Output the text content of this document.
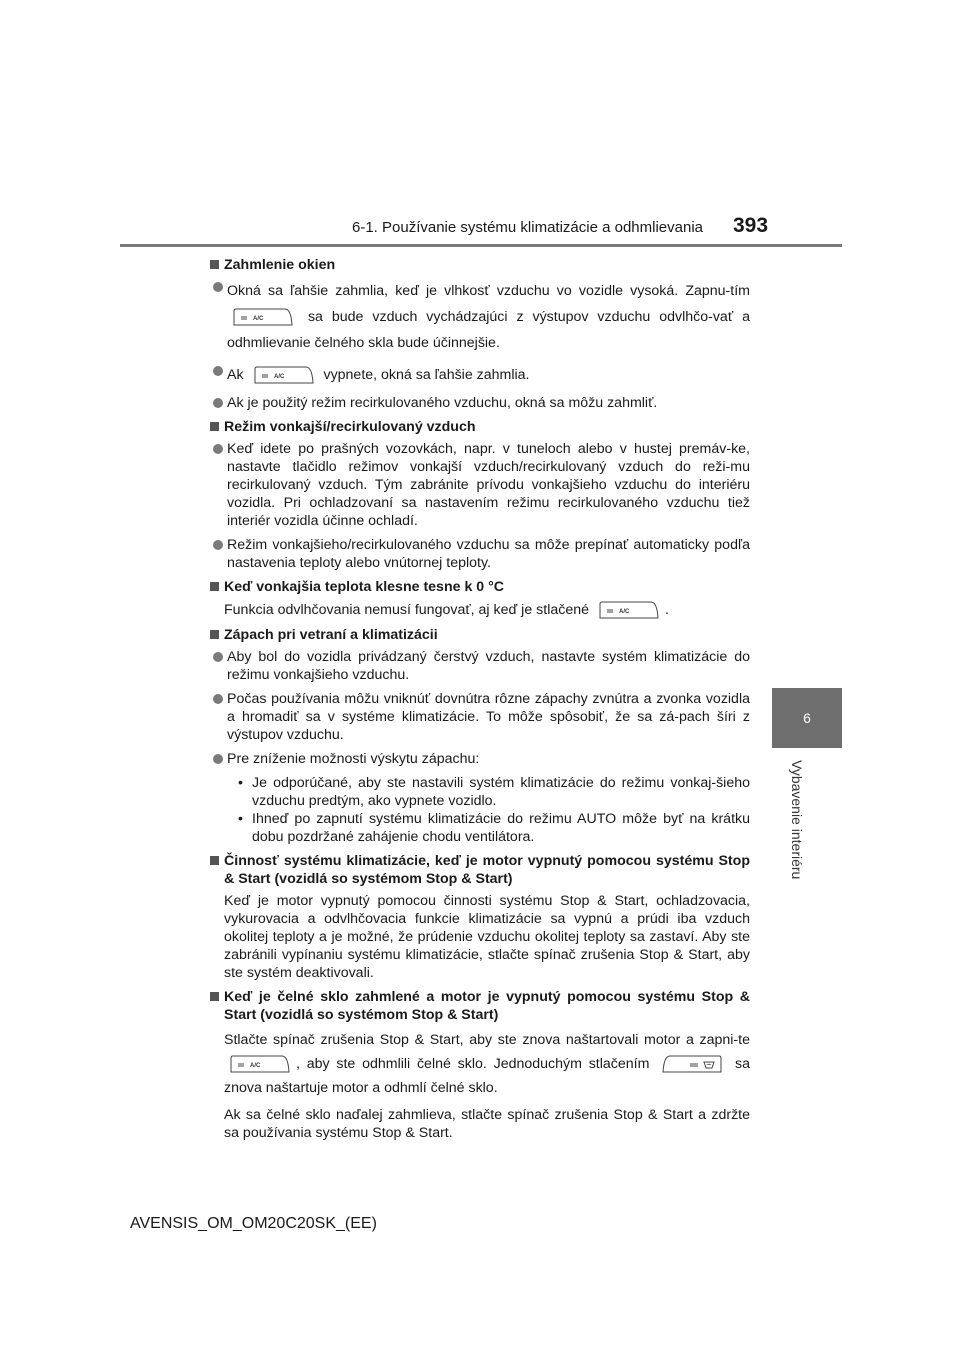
6-1. Používanie systému klimatizácie a odhmlievania	393
6
Vybavenie interiéru
Zahmlenie okien
Okná sa ľahšie zahmlia, keď je vlhkosť vzduchu vo vozidle vysoká. Zapnu-tím
A/C	sa bude vzduch vychádzajúci z výstupov vzduchu odvlhčo-vať a odhmlievanie čelného skla bude účinnejšie.
Ak	A/C	vypnete, okná sa ľahšie zahmlia.
Ak je použitý režim recirkulovaného vzduchu, okná sa môžu zahmliť.
Režim vonkajší/recirkulovaný vzduch
Keď idete po prašných vozovkách, napr. v tuneloch alebo v hustej premáv-ke, nastavte tlačidlo režimov vonkajší vzduch/recirkulovaný vzduch do reži-mu recirkulovaný vzduch. Tým zabránite prívodu vonkajšieho vzduchu do interiéru vozidla. Pri ochladzovaní sa nastavením režimu recirkulovaného vzduchu tiež interiér vozidla účinne ochladí.
Režim vonkajšieho/recirkulovaného vzduchu sa môže prepínať automaticky podľa nastavenia teploty alebo vnútornej teploty.
Keď vonkajšia teplota klesne tesne k 0 °C
Funkcia odvlhčovania nemusí fungovať, aj keď je stlačené	A/C	.
Zápach pri vetraní a klimatizácii
Aby bol do vozidla privádzaný čerstvý vzduch, nastavte systém klimatizácie do režimu vonkajšieho vzduchu.
Počas používania môžu vniknúť dovnútra rôzne zápachy zvnútra a zvonka vozidla a hromadiť sa v systéme klimatizácie. To môže spôsobiť, že sa zá-pach šíri z výstupov vzduchu.
Pre zníženie možnosti výskytu zápachu:
• Je odporúčané, aby ste nastavili systém klimatizácie do režimu vonkaj-šieho vzduchu predtým, ako vypnete vozidlo.
• Ihneď po zapnutí systému klimatizácie do režimu AUTO môže byť na krátku dobu pozdržané zahájenie chodu ventilátora.
Činnosť systému klimatizácie, keď je motor vypnutý pomocou systému Stop & Start (vozidlá so systémom Stop & Start)
Keď je motor vypnutý pomocou činnosti systému Stop & Start, ochladzovacia, vykurovacia a odvlhčovacia funkcie klimatizácie sa vypnú a prúdi iba vzduch okolitej teploty a je možné, že prúdenie vzduchu okolitej teploty sa zastaví. Aby ste zabránili vypínaniu systému klimatizácie, stlačte spínač zrušenia Stop & Start, aby ste systém deaktivovali.
Keď je čelné sklo zahmlené a motor je vypnutý pomocou systému Stop & Start (vozidlá so systémom Stop & Start)
Stlačte spínač zrušenia Stop & Start, aby ste znova naštartovali motor a zapni-te
A/C	, aby ste odhmlili čelné sklo. Jednoduchým stlačením	sa znova naštartuje motor a odhmlí čelné sklo.
Ak sa čelné sklo naďalej zahmlieva, stlačte spínač zrušenia Stop & Start a zdržte sa používania systému Stop & Start.
AVENSIS_OM_OM20C20SK_(EE)
